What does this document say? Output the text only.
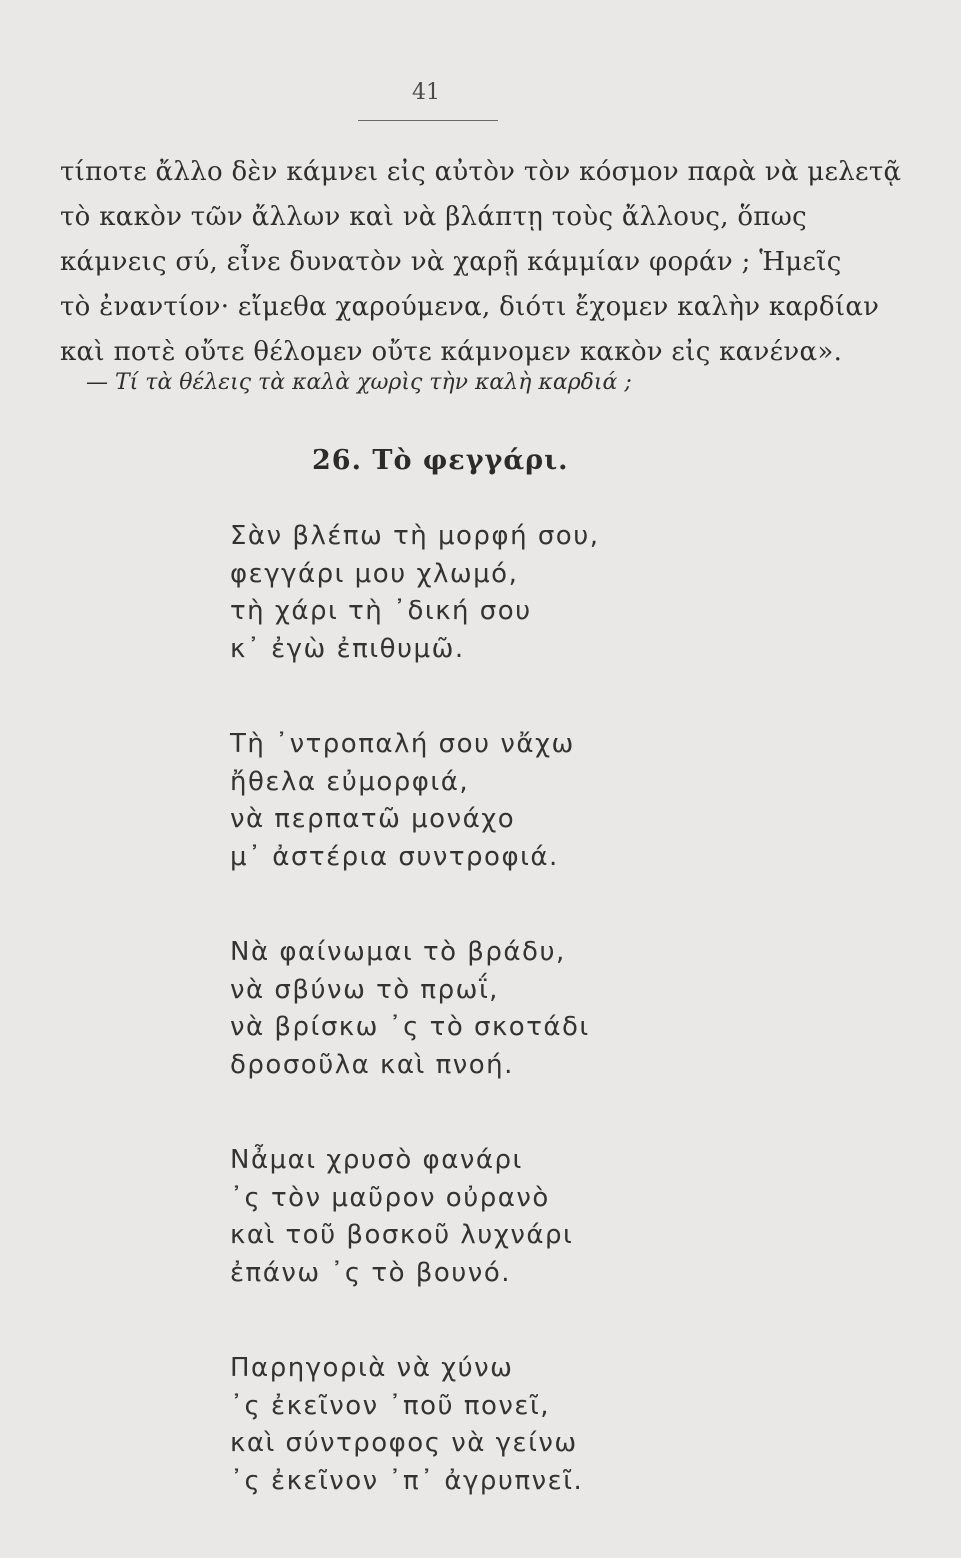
41
τίποτε ἄλλο δὲν κάμνει εἰς αὐτὸν τὸν κόσμον παρὰ νὰ μελετᾷ
τὸ κακὸν τῶν ἄλλων καὶ νὰ βλάπτῃ τοὺς ἄλλους, ὅπως
κάμνεις σύ, εἶνε δυνατὸν νὰ χαρῇ κάμμίαν φοράν ; Ἡμεῖς
τὸ ἐναντίον· εἴμεθα χαρούμενα, διότι ἔχομεν καλὴν καρδίαν
καὶ ποτὲ οὔτε θέλομεν οὔτε κάμνομεν κακὸν εἰς κανένα».
— Τί τὰ θέλεις τὰ καλὰ χωρὶς τὴν καλὴ καρδιά ;
26. Τὸ φεγγάρι.
Σὰν βλέπω τὴ μορφή σου,
φεγγάρι μου χλωμό,
τὴ χάρι τὴ ᾽δική σου
κ᾽ ἐγὼ ἐπιθυμῶ.
Τὴ ᾽ντροπαλή σου νἄχω
ἤθελα εὐμορφιά,
νὰ περπατῶ μονάχο
μ᾽ ἀστέρια συντροφιά.
Νὰ φαίνωμαι τὸ βράδυ,
νὰ σβύνω τὸ πρωΐ,
νὰ βρίσκω ᾽ς τὸ σκοτάδι
δροσοῦλα καὶ πνοή.
Νἆμαι χρυσὸ φανάρι
᾽ς τὸν μαῦρον οὐρανὸ
καὶ τοῦ βοσκοῦ λυχνάρι
ἐπάνω ᾽ς τὸ βουνό.
Παρηγοριὰ νὰ χύνω
᾽ς ἐκεῖνον ᾽ποῦ πονεῖ,
καὶ σύντροφος νὰ γείνω
᾽ς ἐκεῖνον ᾽π᾽ ἀγρυπνεῖ.
